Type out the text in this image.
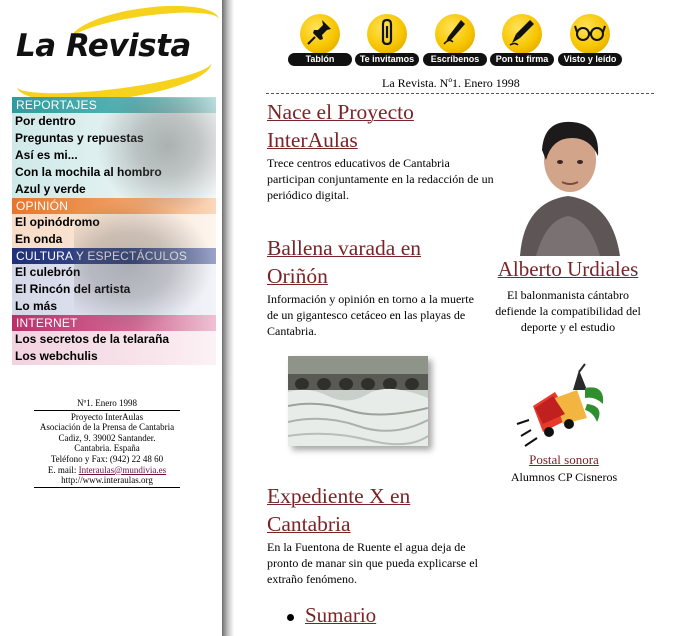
La Revista
REPORTAJES
Por dentro
Preguntas y repuestas
Así es mi...
Con la mochila al hombro
Azul y verde
OPINIÓN
El opinódromo
En onda
CULTURA Y ESPECTÁCULOS
El culebrón
El Rincón del artista
Lo más
INTERNET
Los secretos de la telaraña
Los webchulis
Nº1. Enero 1998
Proyecto InterAulas
Asociación de la Prensa de Cantabria
Cadiz, 9. 39002 Santander.
Cantabria. España
Teléfono y Fax: (942) 22 48 60
E. mail: Interaulas@mundivia.es
http://www.interaulas.org
Tablón	Te invitamos	Escríbenos	Pon tu firma	Visto y leído
La Revista. Nº1. Enero 1998
Nace el Proyecto InterAulas
Trece centros educativos de Cantabria participan conjuntamente en la redacción de un periódico digital.
Ballena varada en Oriñón
Información y opinión en torno a la muerte de un gigantesco cetáceo en las playas de Cantabria.
Expediente X en Cantabria
En la Fuentona de Ruente el agua deja de pronto de manar sin que pueda explicarse el extraño fenómeno.
Alberto Urdiales
El balonmanista cántabro defiende la compatibilidad del deporte y el estudio
Postal sonora
Alumnos CP Cisneros
Sumario
